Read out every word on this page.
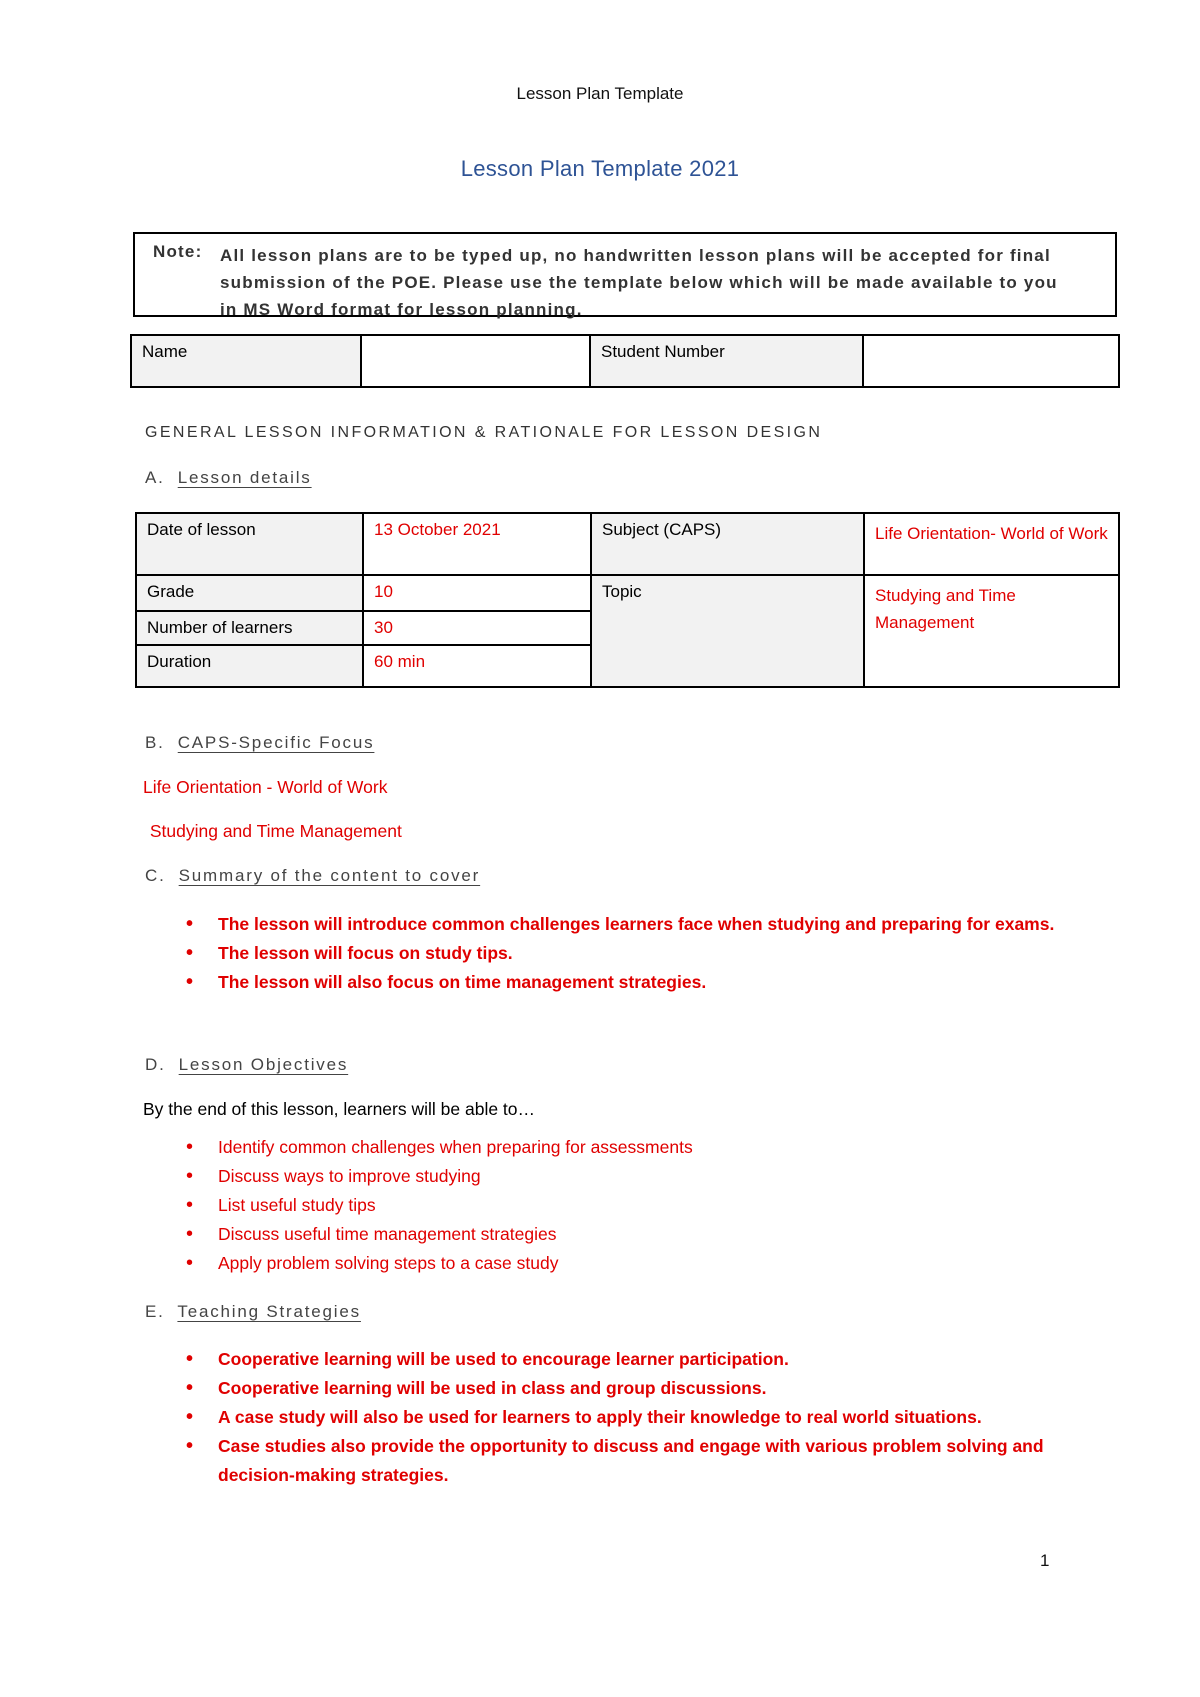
Lesson Plan Template
Lesson Plan Template 2021
Note: All lesson plans are to be typed up, no handwritten lesson plans will be accepted for final submission of the POE. Please use the template below which will be made available to you in MS Word format for lesson planning.
Name		Student Number	
GENERAL LESSON INFORMATION & RATIONALE FOR LESSON DESIGN
A. Lesson details
Date of lesson	13 October 2021	Subject (CAPS)	Life Orientation- World of Work
Grade	10	Topic	Studying and Time Management
Number of learners	30		
Duration	60 min		
B. CAPS-Specific Focus
Life Orientation - World of Work
Studying and Time Management
C. Summary of the content to cover
• The lesson will introduce common challenges learners face when studying and preparing for exams.
• The lesson will focus on study tips.
• The lesson will also focus on time management strategies.
D. Lesson Objectives
By the end of this lesson, learners will be able to…
• Identify common challenges when preparing for assessments
• Discuss ways to improve studying
• List useful study tips
• Discuss useful time management strategies
• Apply problem solving steps to a case study
E. Teaching Strategies
• Cooperative learning will be used to encourage learner participation.
• Cooperative learning will be used in class and group discussions.
• A case study will also be used for learners to apply their knowledge to real world situations.
• Case studies also provide the opportunity to discuss and engage with various problem solving and decision-making strategies.
1
